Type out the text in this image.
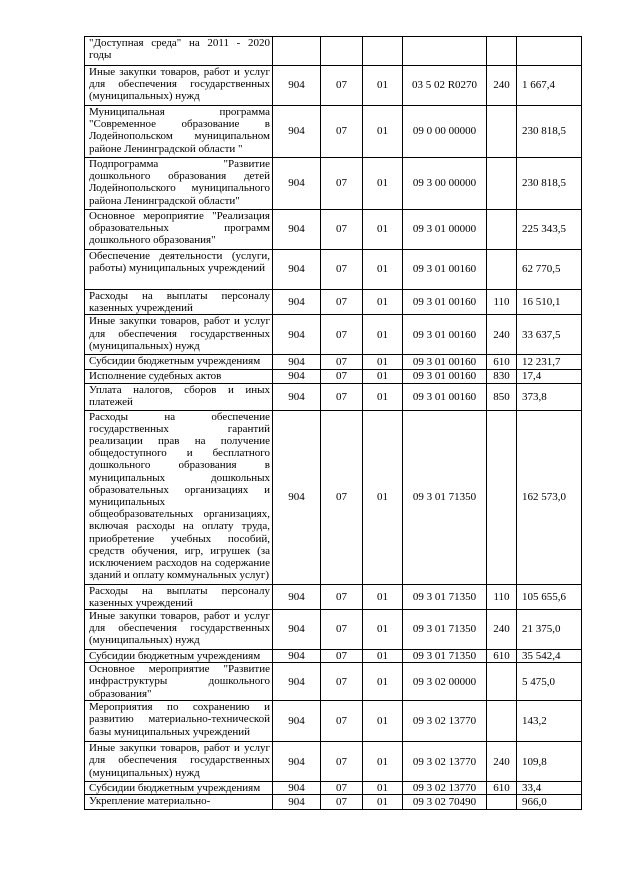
"Доступная среда" на 2011 - 2020 годы						
Иные закупки товаров, работ и услуг для обеспечения государственных (муниципальных) нужд	904	07	01	03 5 02 R0270	240	1 667,4
Муниципальная программа "Современное образование в Лодейнопольском муниципальном районе Ленинградской области "	904	07	01	09 0 00 00000		230 818,5
Подпрограмма "Развитие дошкольного образования детей Лодейнопольского муниципального района Ленинградской области"	904	07	01	09 3 00 00000		230 818,5
Основное мероприятие "Реализация образовательных программ дошкольного образования"	904	07	01	09 3 01 00000		225 343,5
Обеспечение деятельности (услуги, работы) муниципальных учреждений	904	07	01	09 3 01 00160		62 770,5
Расходы на выплаты персоналу казенных учреждений	904	07	01	09 3 01 00160	110	16 510,1
Иные закупки товаров, работ и услуг для обеспечения государственных (муниципальных) нужд	904	07	01	09 3 01 00160	240	33 637,5
Субсидии бюджетным учреждениям	904	07	01	09 3 01 00160	610	12 231,7
Исполнение судебных актов	904	07	01	09 3 01 00160	830	17,4
Уплата налогов, сборов и иных платежей	904	07	01	09 3 01 00160	850	373,8
Расходы на обеспечение государственных гарантий реализации прав на получение общедоступного и бесплатного дошкольного образования в муниципальных дошкольных образовательных организациях и муниципальных общеобразовательных организациях, включая расходы на оплату труда, приобретение учебных пособий, средств обучения, игр, игрушек (за исключением расходов на содержание зданий и оплату коммунальных услуг)	904	07	01	09 3 01 71350		162 573,0
Расходы на выплаты персоналу казенных учреждений	904	07	01	09 3 01 71350	110	105 655,6
Иные закупки товаров, работ и услуг для обеспечения государственных (муниципальных) нужд	904	07	01	09 3 01 71350	240	21 375,0
Субсидии бюджетным учреждениям	904	07	01	09 3 01 71350	610	35 542,4
Основное мероприятие "Развитие инфраструктуры дошкольного образования"	904	07	01	09 3 02 00000		5 475,0
Мероприятия по сохранению и развитию материально-технической базы муниципальных учреждений	904	07	01	09 3 02 13770		143,2
Иные закупки товаров, работ и услуг для обеспечения государственных (муниципальных) нужд	904	07	01	09 3 02 13770	240	109,8
Субсидии бюджетным учреждениям	904	07	01	09 3 02 13770	610	33,4
Укрепление материально-	904	07	01	09 3 02 70490		966,0
